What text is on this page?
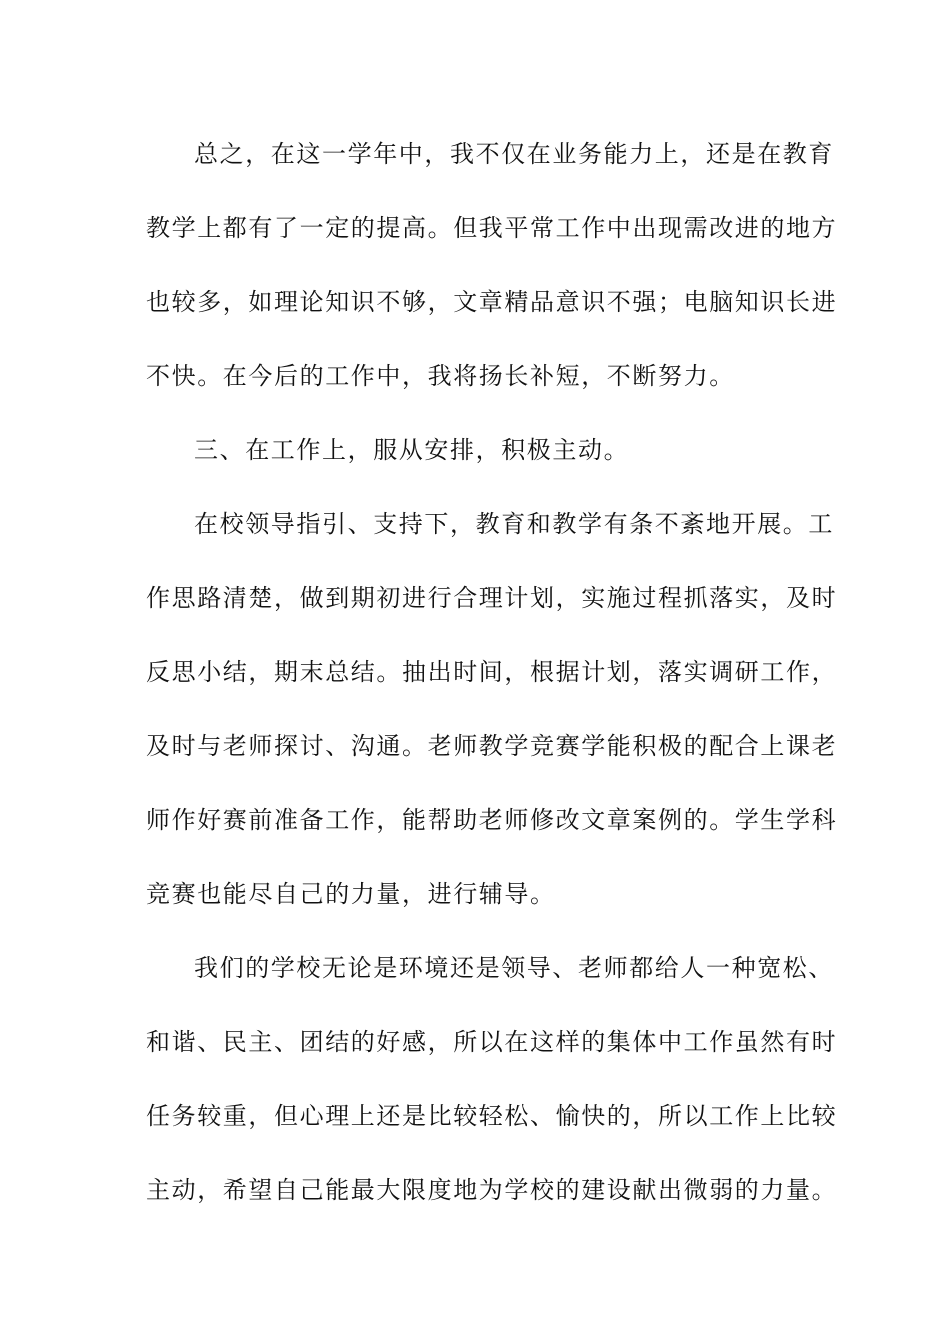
总之，在这一学年中，我不仅在业务能力上，还是在教育
教学上都有了一定的提高。但我平常工作中出现需改进的地方
也较多，如理论知识不够，文章精品意识不强；电脑知识长进
不快。在今后的工作中，我将扬长补短，不断努力。
三、在工作上，服从安排，积极主动。
在校领导指引、支持下，教育和教学有条不紊地开展。工
作思路清楚，做到期初进行合理计划，实施过程抓落实，及时
反思小结，期末总结。抽出时间，根据计划，落实调研工作，
及时与老师探讨、沟通。老师教学竞赛学能积极的配合上课老
师作好赛前准备工作，能帮助老师修改文章案例的。学生学科
竞赛也能尽自己的力量，进行辅导。
我们的学校无论是环境还是领导、老师都给人一种宽松、
和谐、民主、团结的好感，所以在这样的集体中工作虽然有时
任务较重，但心理上还是比较轻松、愉快的，所以工作上比较
主动，希望自己能最大限度地为学校的建设献出微弱的力量。
